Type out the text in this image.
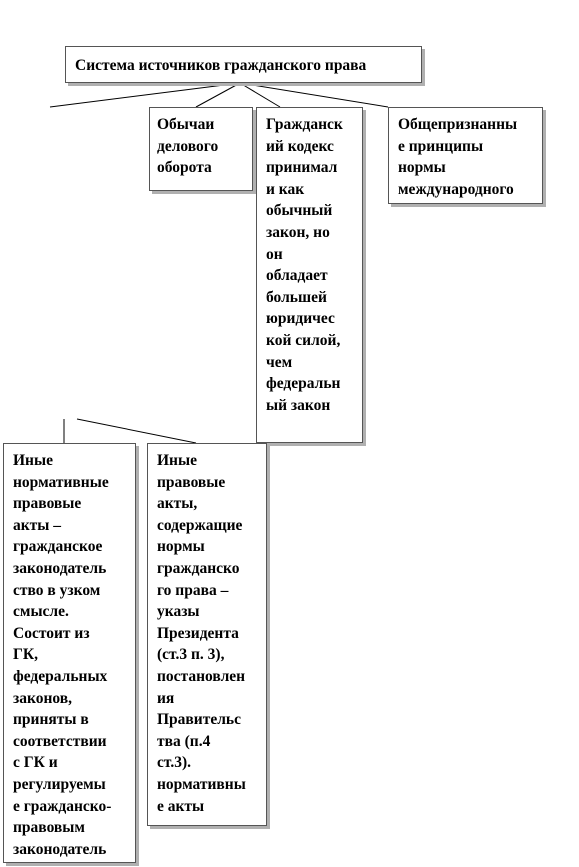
Система источников гражданского права
Обычаи
делового
оборота
Гражданск
ий кодекс
принимал
и как
обычный
закон, но
он
обладает
большей
юридичес
кой силой,
чем
федеральн
ый закон
Общепризнанны
е принципы
нормы
международного
Иные
нормативные
правовые
акты –
гражданское
законодатель
ство в узком
смысле.
Состоит из
ГК,
федеральных
законов,
приняты в
соответствии
с ГК и
регулируемы
е гражданско-
правовым
законодатель
Иные
правовые
акты,
содержащие
нормы
гражданско
го права –
указы
Президента
(ст.3 п. 3),
постановлен
ия
Правительс
тва (п.4
ст.3).
нормативны
е акты
